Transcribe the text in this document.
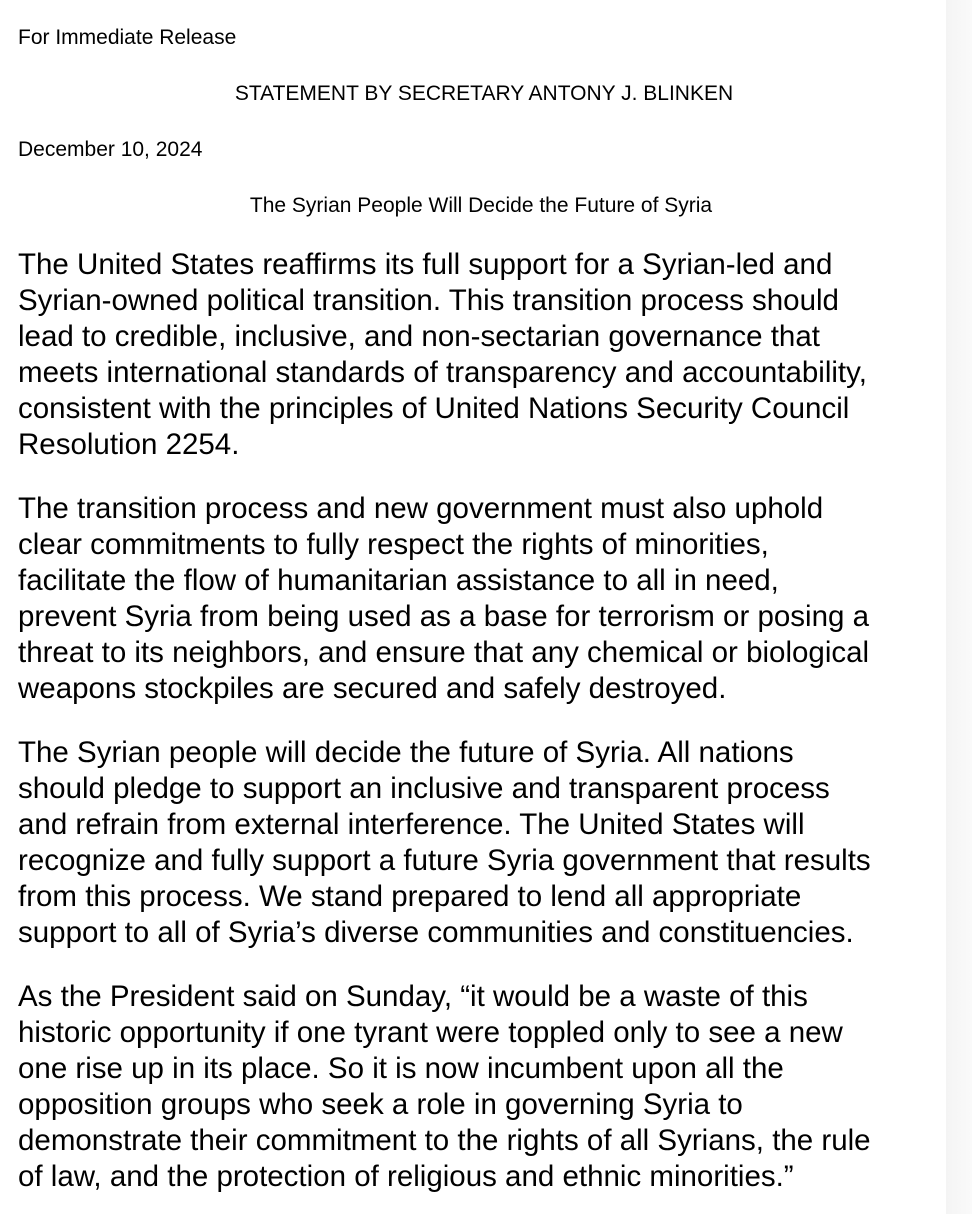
For Immediate Release
STATEMENT BY SECRETARY ANTONY J. BLINKEN
December 10, 2024
The Syrian People Will Decide the Future of Syria

The United States reaffirms its full support for a Syrian-led and
Syrian-owned political transition. This transition process should
lead to credible, inclusive, and non-sectarian governance that
meets international standards of transparency and accountability,
consistent with the principles of United Nations Security Council
Resolution 2254.

The transition process and new government must also uphold
clear commitments to fully respect the rights of minorities,
facilitate the flow of humanitarian assistance to all in need,
prevent Syria from being used as a base for terrorism or posing a
threat to its neighbors, and ensure that any chemical or biological
weapons stockpiles are secured and safely destroyed.

The Syrian people will decide the future of Syria. All nations
should pledge to support an inclusive and transparent process
and refrain from external interference. The United States will
recognize and fully support a future Syria government that results
from this process. We stand prepared to lend all appropriate
support to all of Syria’s diverse communities and constituencies.

As the President said on Sunday, “it would be a waste of this
historic opportunity if one tyrant were toppled only to see a new
one rise up in its place. So it is now incumbent upon all the
opposition groups who seek a role in governing Syria to
demonstrate their commitment to the rights of all Syrians, the rule
of law, and the protection of religious and ethnic minorities.”
